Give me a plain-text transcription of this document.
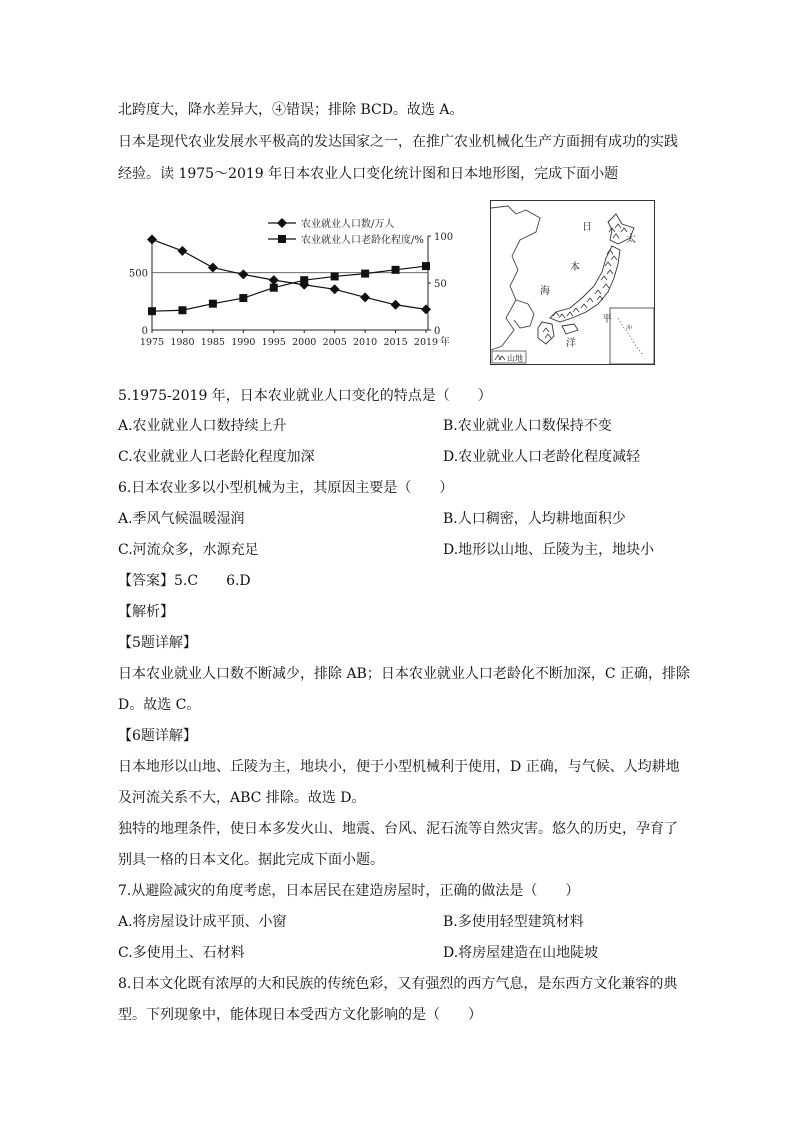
北跨度大，降水差异大，④错误；排除 BCD。故选 A。
日本是现代农业发展水平极高的发达国家之一，在推广农业机械化生产方面拥有成功的实践
经验。读 1975～2019 年日本农业人口变化统计图和日本地形图，完成下面小题
0
500
0
50
100
1975 1980 1985 1990 1995 2000 2005 2010 2015 2019 年
农业就业人口数/万人
农业就业人口老龄化程度/%
冲
日
本
海
太
平
洋
山地
5.1975-2019 年，日本农业就业人口变化的特点是（　　）
A.农业就业人口数持续上升	B.农业就业人口数保持不变
C.农业就业人口老龄化程度加深	D.农业就业人口老龄化程度减轻
6.日本农业多以小型机械为主，其原因主要是（　　）
A.季风气候温暖湿润	B.人口稠密，人均耕地面积少
C.河流众多，水源充足	D.地形以山地、丘陵为主，地块小
【答案】5.C　　6.D
【解析】
【5题详解】
日本农业就业人口数不断减少，排除 AB；日本农业就业人口老龄化不断加深，C 正确，排除
D。故选 C。
【6题详解】
日本地形以山地、丘陵为主，地块小，便于小型机械利于使用，D 正确，与气候、人均耕地
及河流关系不大，ABC 排除。故选 D。
独特的地理条件，使日本多发火山、地震、台风、泥石流等自然灾害。悠久的历史，孕育了
别具一格的日本文化。据此完成下面小题。
7.从避险减灾的角度考虑，日本居民在建造房屋时，正确的做法是（　　）
A.将房屋设计成平顶、小窗	B.多使用轻型建筑材料
C.多使用土、石材料	D.将房屋建造在山地陡坡
8.日本文化既有浓厚的大和民族的传统色彩，又有强烈的西方气息，是东西方文化兼容的典
型。下列现象中，能体现日本受西方文化影响的是（　　）
